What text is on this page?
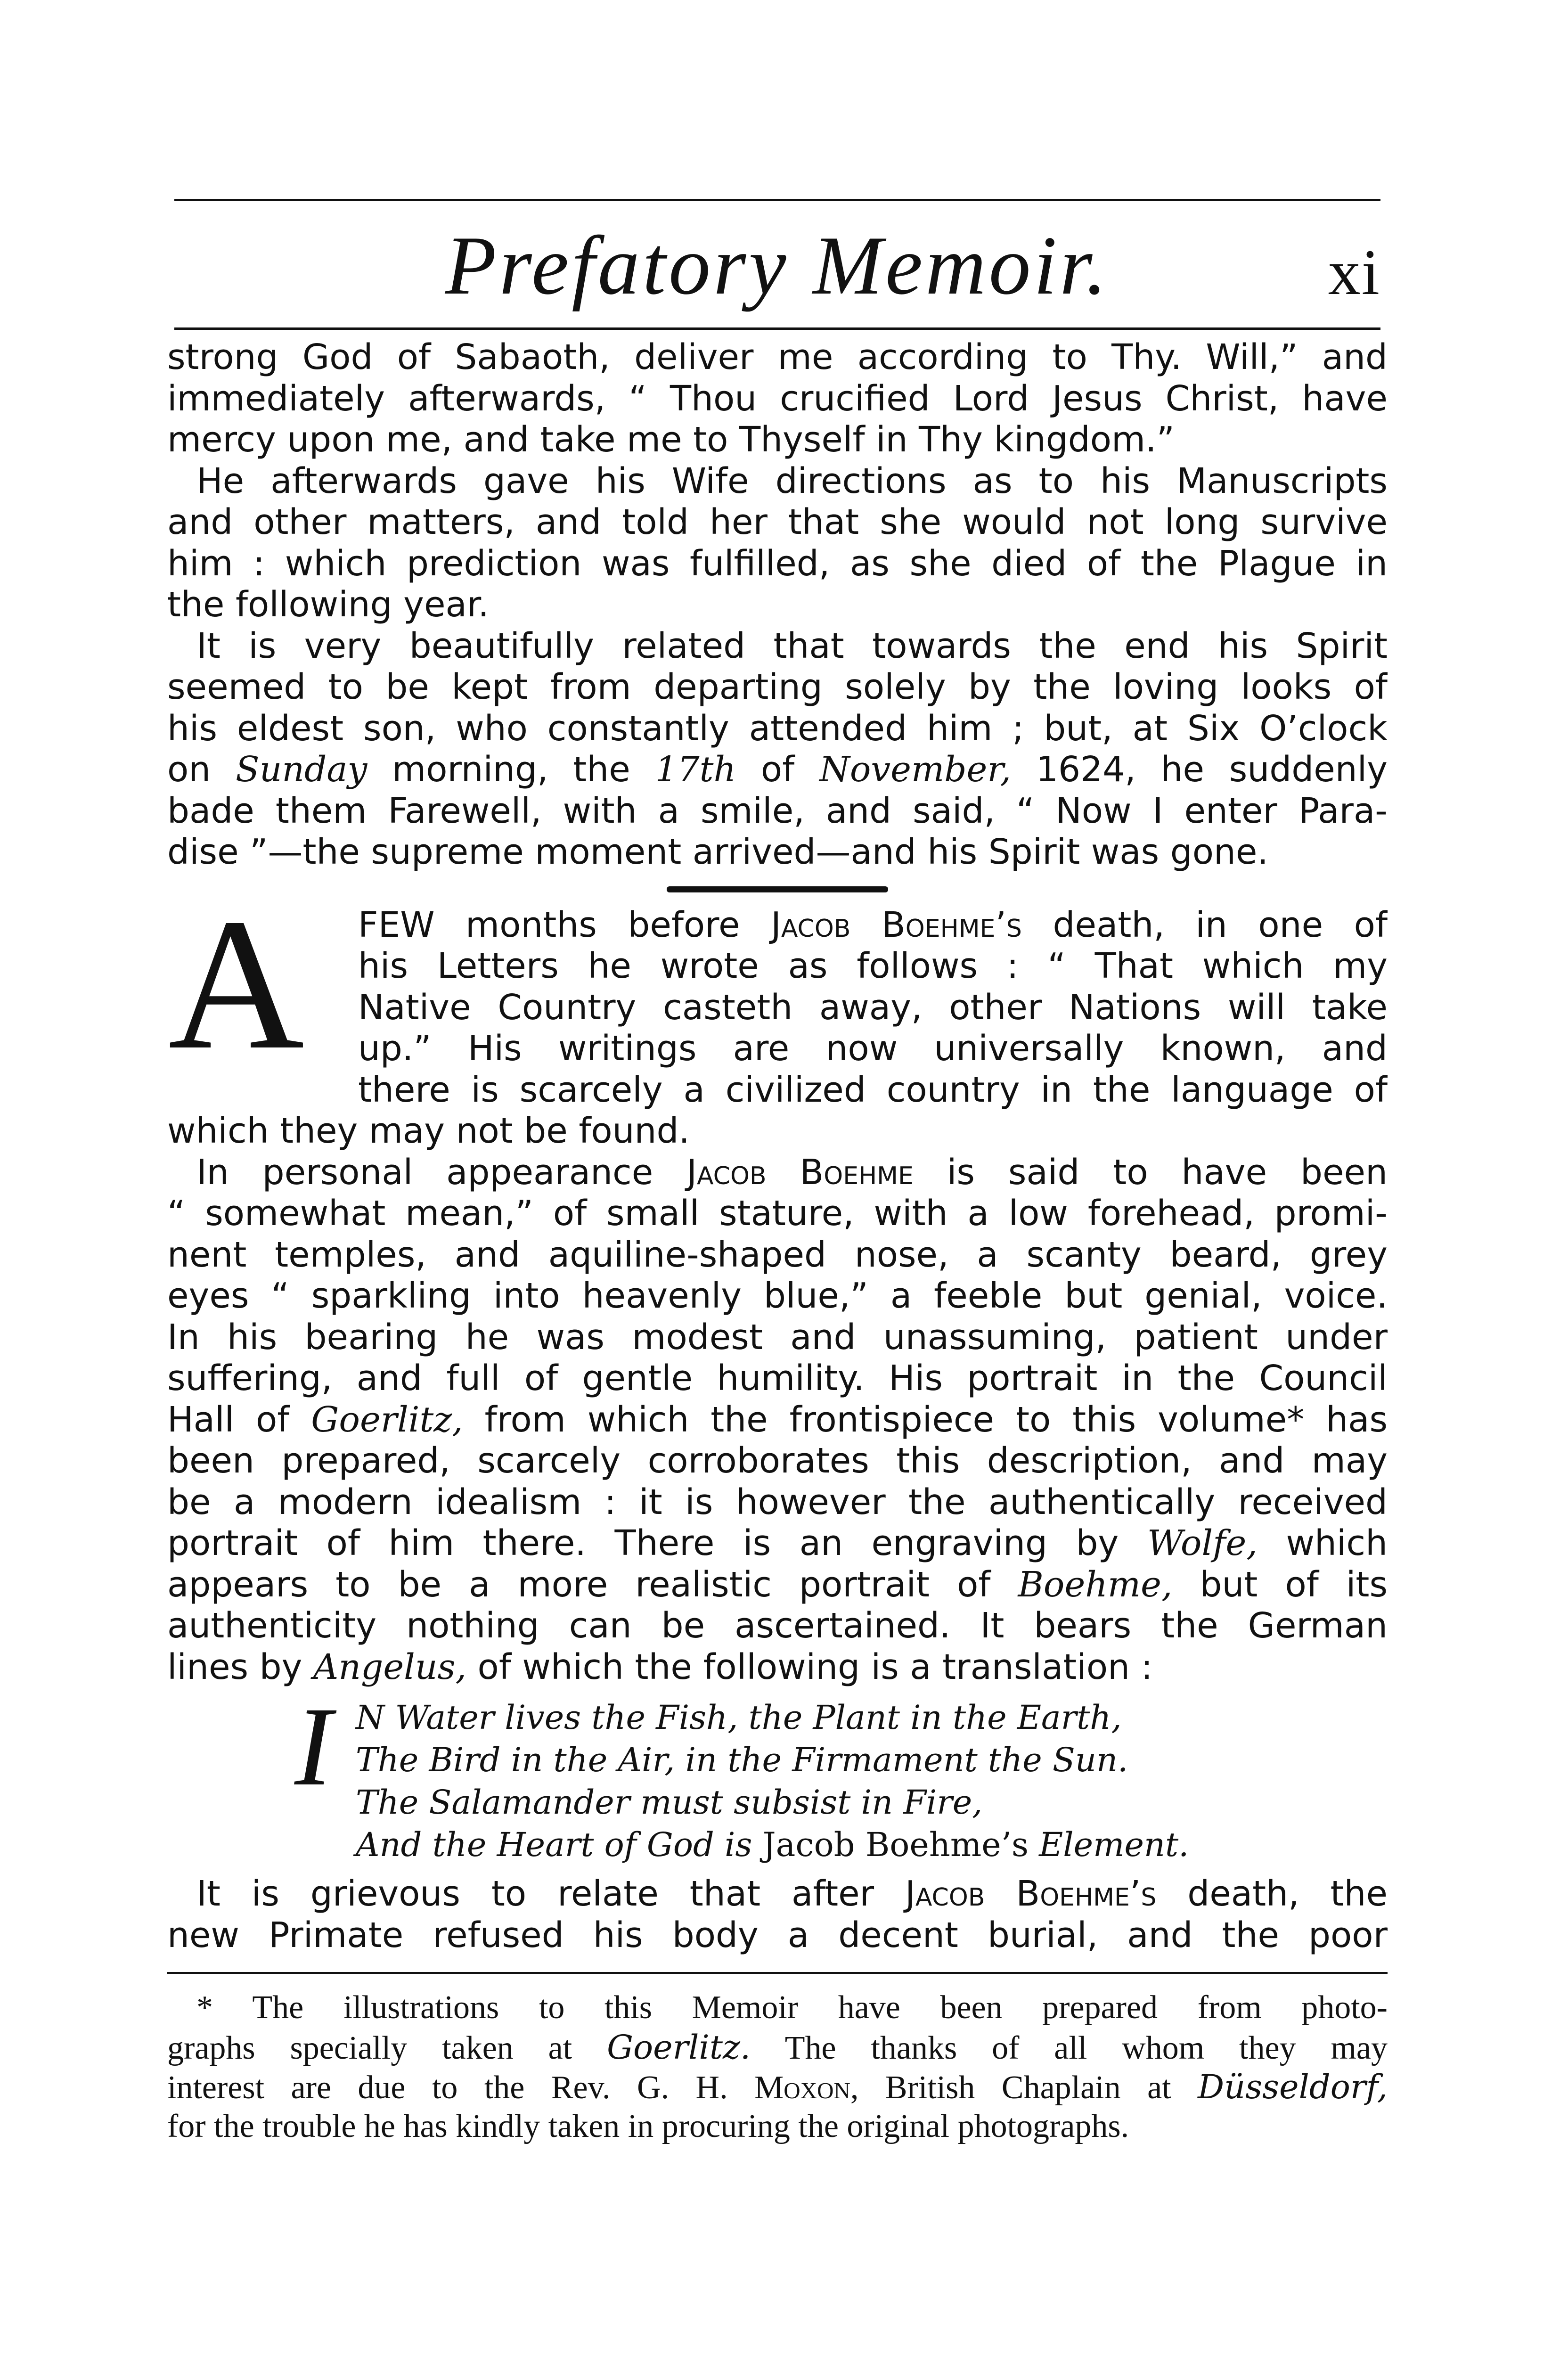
Prefatory Memoir.	xi
strong God of Sabaoth, deliver me according to Thy. Will,” and
immediately afterwards, “ Thou crucified Lord Jesus Christ, have
mercy upon me, and take me to Thyself in Thy kingdom.”
He afterwards gave his Wife directions as to his Manuscripts
and other matters, and told her that she would not long survive
him : which prediction was fulfilled, as she died of the Plague in
the following year.
It is very beautifully related that towards the end his Spirit
seemed to be kept from departing solely by the loving looks of
his eldest son, who constantly attended him ; but, at Six O’clock
on Sunday morning, the 17th of November, 1624, he suddenly
bade them Farewell, with a smile, and said, “ Now I enter Para-
dise ”—the supreme moment arrived—and his Spirit was gone.
A	FEW months before Jacob Boehme’s death, in one of
his Letters he wrote as follows : “ That which my
Native Country casteth away, other Nations will take
up.” His writings are now universally known, and
there is scarcely a civilized country in the language of
which they may not be found.
In personal appearance Jacob Boehme is said to have been
“ somewhat mean,” of small stature, with a low forehead, promi-
nent temples, and aquiline-shaped nose, a scanty beard, grey
eyes “ sparkling into heavenly blue,” a feeble but genial, voice.
In his bearing he was modest and unassuming, patient under
suffering, and full of gentle humility. His portrait in the Council
Hall of Goerlitz, from which the frontispiece to this volume* has
been prepared, scarcely corroborates this description, and may
be a modern idealism : it is however the authentically received
portrait of him there. There is an engraving by Wolfe, which
appears to be a more realistic portrait of Boehme, but of its
authenticity nothing can be ascertained. It bears the German
lines by Angelus, of which the following is a translation :
I N Water lives the Fish, the Plant in the Earth,
The Bird in the Air, in the Firmament the Sun.
The Salamander must subsist in Fire,
And the Heart of God is Jacob Boehme’s Element.
It is grievous to relate that after Jacob Boehme’s death, the
new Primate refused his body a decent burial, and the poor
* The illustrations to this Memoir have been prepared from photo-
graphs specially taken at Goerlitz. The thanks of all whom they may
interest are due to the Rev. G. H. Moxon, British Chaplain at Düsseldorf,
for the trouble he has kindly taken in procuring the original photographs.
